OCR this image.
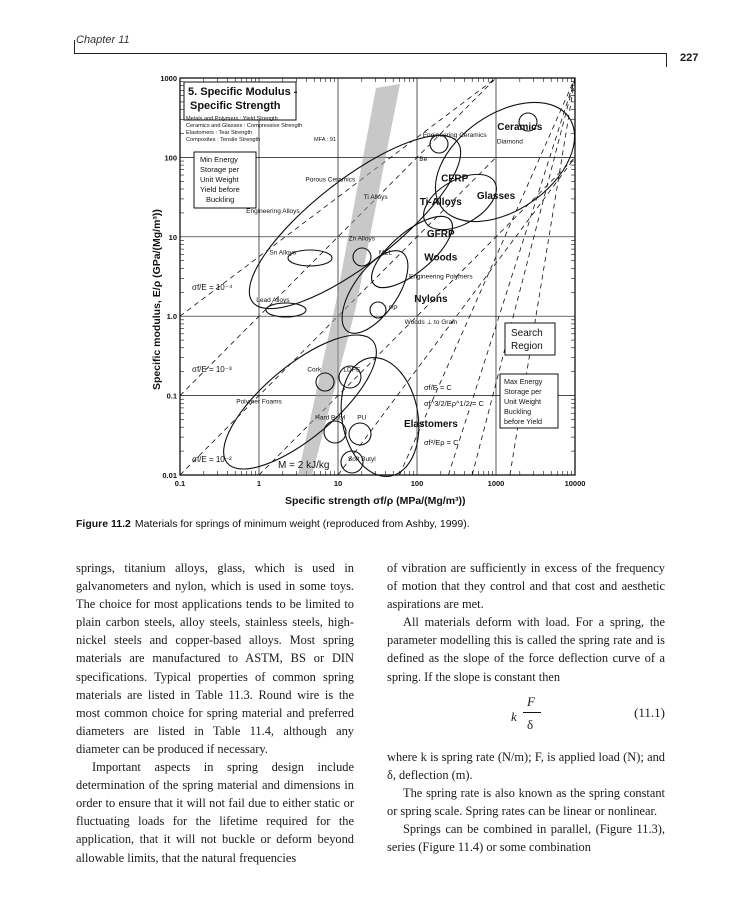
Chapter 11
227
5. Specific Modulus -
Specific Strength
Metals and Polymers : Yield Strength
Ceramics and Glasses : Compressive Strength
Elastomers : Tear Strength
Composites : Tensile Strength	MFA : 91
Min Energy
Storage per
Unit Weight
Yield before
Buckling
Search
Region
Max Energy
Storage per
Unit Weight
Buckling
before Yield
σf/E = 10⁻⁴
σf/E = 10⁻³
σf/E = 10⁻²
σf/E = C
σf^3/2/Eρ^1/2 = C
σf²/Eρ = C
M = 2 kJ/kg
Ceramics
Engineering Ceramics
Diamond
Be
Porous Ceramics
Engineering Alloys
Ti Alloys	Ti-Alloys
Glasses
CFRP
GFRP
Sn Alloys
Zn Alloys
MEL	Woods
Engineering Polymers
Nylons
PP
Lead Alloys
Woods ⊥ to Grain
Cork	LDPE
Polymer Foams
Elastomers
Hard Butyl PU
Soft Butyl
0.1	1	10	100	1000	10000
1000
100
10
1.0
0.1
0.01
Specific strength σf/ρ (MPa/(Mg/m³))
Specific modulus, E/ρ (GPa/(Mg/m³))
Figure 11.2 Materials for springs of minimum weight (reproduced from Ashby, 1999).

springs, titanium alloys, glass, which is used in galvanometers and nylon, which is used in some toys. The choice for most applications tends to be limited to plain carbon steels, alloy steels, stainless steels, high-nickel steels and copper-based alloys. Most spring materials are manufactured to ASTM, BS or DIN specifications. Typical properties of common spring materials are listed in Table 11.3. Round wire is the most common choice for spring material and preferred diameters are listed in Table 11.4, although any diameter can be produced if necessary.

Important aspects in spring design include determination of the spring material and dimensions in order to ensure that it will not fail due to either static or fluctuating loads for the lifetime required for the application, that it will not buckle or deform beyond allowable limits, that the natural frequencies

of vibration are sufficiently in excess of the frequency of motion that they control and that cost and aesthetic aspirations are met.

All materials deform with load. For a spring, the parameter modelling this is called the spring rate and is defined as the slope of the force deflection curve of a spring. If the slope is constant then

k
F
δ
(11.1)

where k is spring rate (N/m); F, is applied load (N); and δ, deflection (m).

The spring rate is also known as the spring constant or spring scale. Spring rates can be linear or nonlinear.

Springs can be combined in parallel, (Figure 11.3), series (Figure 11.4) or some combination
